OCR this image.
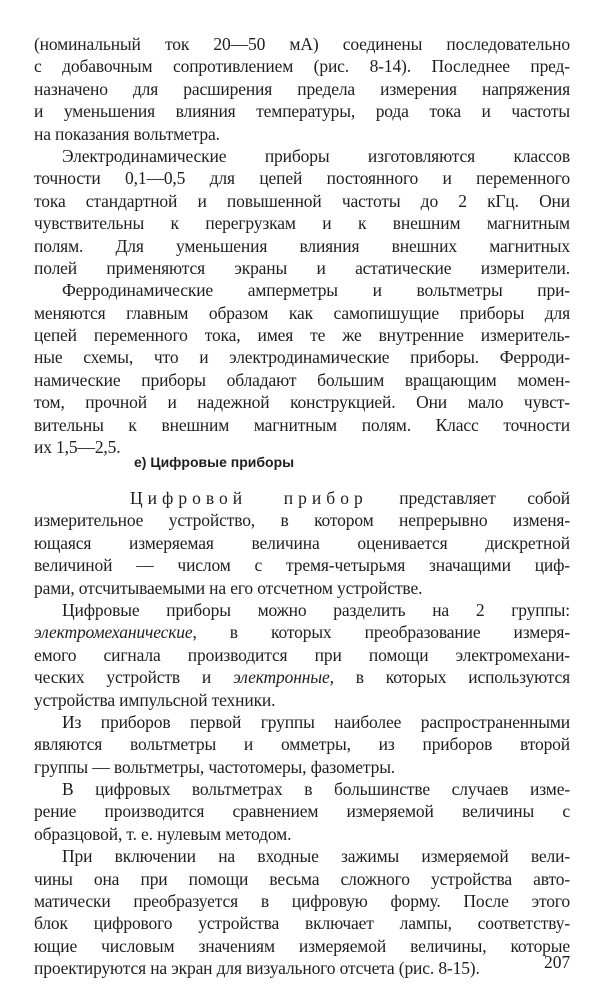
(номинальный ток 20—50 мА) соединены последовательно
с добавочным сопротивлением (рис. 8-14). Последнее пред-
назначено для расширения предела измерения напряжения
и уменьшения влияния температуры, рода тока и частоты
на показания вольтметра.
Электродинамические приборы изготовляются классов
точности 0,1—0,5 для цепей постоянного и переменного
тока стандартной и повышенной частоты до 2 кГц. Они
чувствительны к перегрузкам и к внешним магнитным
полям. Для уменьшения влияния внешних магнитных
полей применяются экраны и астатические измерители.
Ферродинамические амперметры и вольтметры при-
меняются главным образом как самопишущие приборы для
цепей переменного тока, имея те же внутренние измеритель-
ные схемы, что и электродинамические приборы. Ферроди-
намические приборы обладают большим вращающим момен-
том, прочной и надежной конструкцией. Они мало чувст-
вительны к внешним магнитным полям. Класс точности
их 1,5—2,5.
е) Цифровые приборы
Цифровой прибор представляет собой
измерительное устройство, в котором непрерывно изменя-
ющаяся измеряемая величина оценивается дискретной
величиной — числом с тремя-четырьмя значащими циф-
рами, отсчитываемыми на его отсчетном устройстве.
Цифровые приборы можно разделить на 2 группы:
электромеханические, в которых преобразование измеря-
емого сигнала производится при помощи электромехани-
ческих устройств и электронные, в которых используются
устройства импульсной техники.
Из приборов первой группы наиболее распространенными
являются вольтметры и омметры, из приборов второй
группы — вольтметры, частотомеры, фазометры.
В цифровых вольтметрах в большинстве случаев изме-
рение производится сравнением измеряемой величины с
образцовой, т. е. нулевым методом.
При включении на входные зажимы измеряемой вели-
чины она при помощи весьма сложного устройства авто-
матически преобразуется в цифровую форму. После этого
блок цифрового устройства включает лампы, соответству-
ющие числовым значениям измеряемой величины, которые
проектируются на экран для визуального отсчета (рис. 8-15).	207
